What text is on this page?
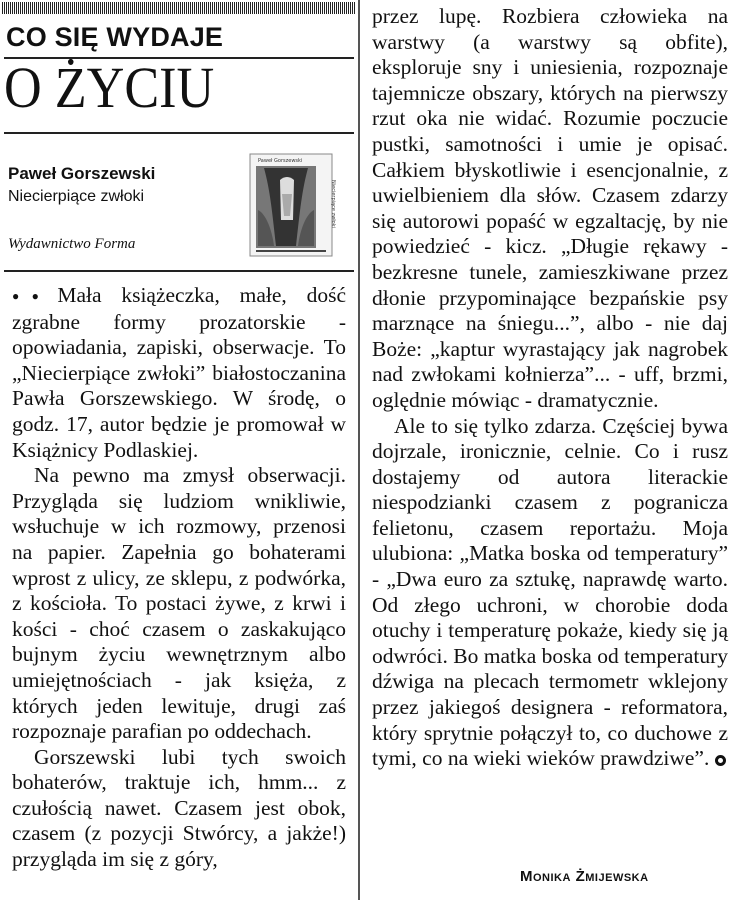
CO SIĘ WYDAJE
O ŻYCIU
Paweł Gorszewski
Niecierpiące zwłoki
Wydawnictwo Forma
Paweł Gorszewski
Niecierpiące zwłoki

●● Mała książeczka, małe, dość zgrabne formy prozatorskie - opowiadania, zapiski, obserwacje. To „Niecierpiące zwłoki” białostoczanina Pawła Gorszewskiego. W środę, o godz. 17, autor będzie je promował w Książnicy Podlaskiej.

Na pewno ma zmysł obserwacji. Przygląda się ludziom wnikliwie, wsłuchuje w ich rozmowy, przenosi na papier. Zapełnia go bohaterami wprost z ulicy, ze sklepu, z podwórka, z kościoła. To postaci żywe, z krwi i kości - choć czasem o zaskakująco bujnym życiu wewnętrznym albo umiejętnościach - jak księża, z których jeden lewituje, drugi zaś rozpoznaje parafian po oddechach.

Gorszewski lubi tych swoich bohaterów, traktuje ich, hmm... z czułością nawet. Czasem jest obok, czasem (z pozycji Stwórcy, a jakże!) przygląda im się z góry,

przez lupę. Rozbiera człowieka na warstwy (a warstwy są obfite), eksploruje sny i uniesienia, rozpoznaje tajemnicze obszary, których na pierwszy rzut oka nie widać. Rozumie poczucie pustki, samotności i umie je opisać. Całkiem błyskotliwie i esencjonalnie, z uwielbieniem dla słów. Czasem zdarzy się autorowi popaść w egzaltację, by nie powiedzieć - kicz. „Długie rękawy - bezkresne tunele, zamieszkiwane przez dłonie przypominające bezpańskie psy marznące na śniegu...”, albo - nie daj Boże: „kaptur wyrastający jak nagrobek nad zwłokami kołnierza”... - uff, brzmi, oględnie mówiąc - dramatycznie.

Ale to się tylko zdarza. Częściej bywa dojrzale, ironicznie, celnie. Co i rusz dostajemy od autora literackie niespodzianki czasem z pogranicza felietonu, czasem reportażu. Moja ulubiona: „Matka boska od temperatury” - „Dwa euro za sztukę, naprawdę warto. Od złego uchroni, w chorobie doda otuchy i temperaturę pokaże, kiedy się ją odwróci. Bo matka boska od temperatury dźwiga na plecach termometr wklejony przez jakiegoś designera - reformatora, który sprytnie połączył to, co duchowe z tymi, co na wieki wieków prawdziwe”.

Monika Żmijewska
